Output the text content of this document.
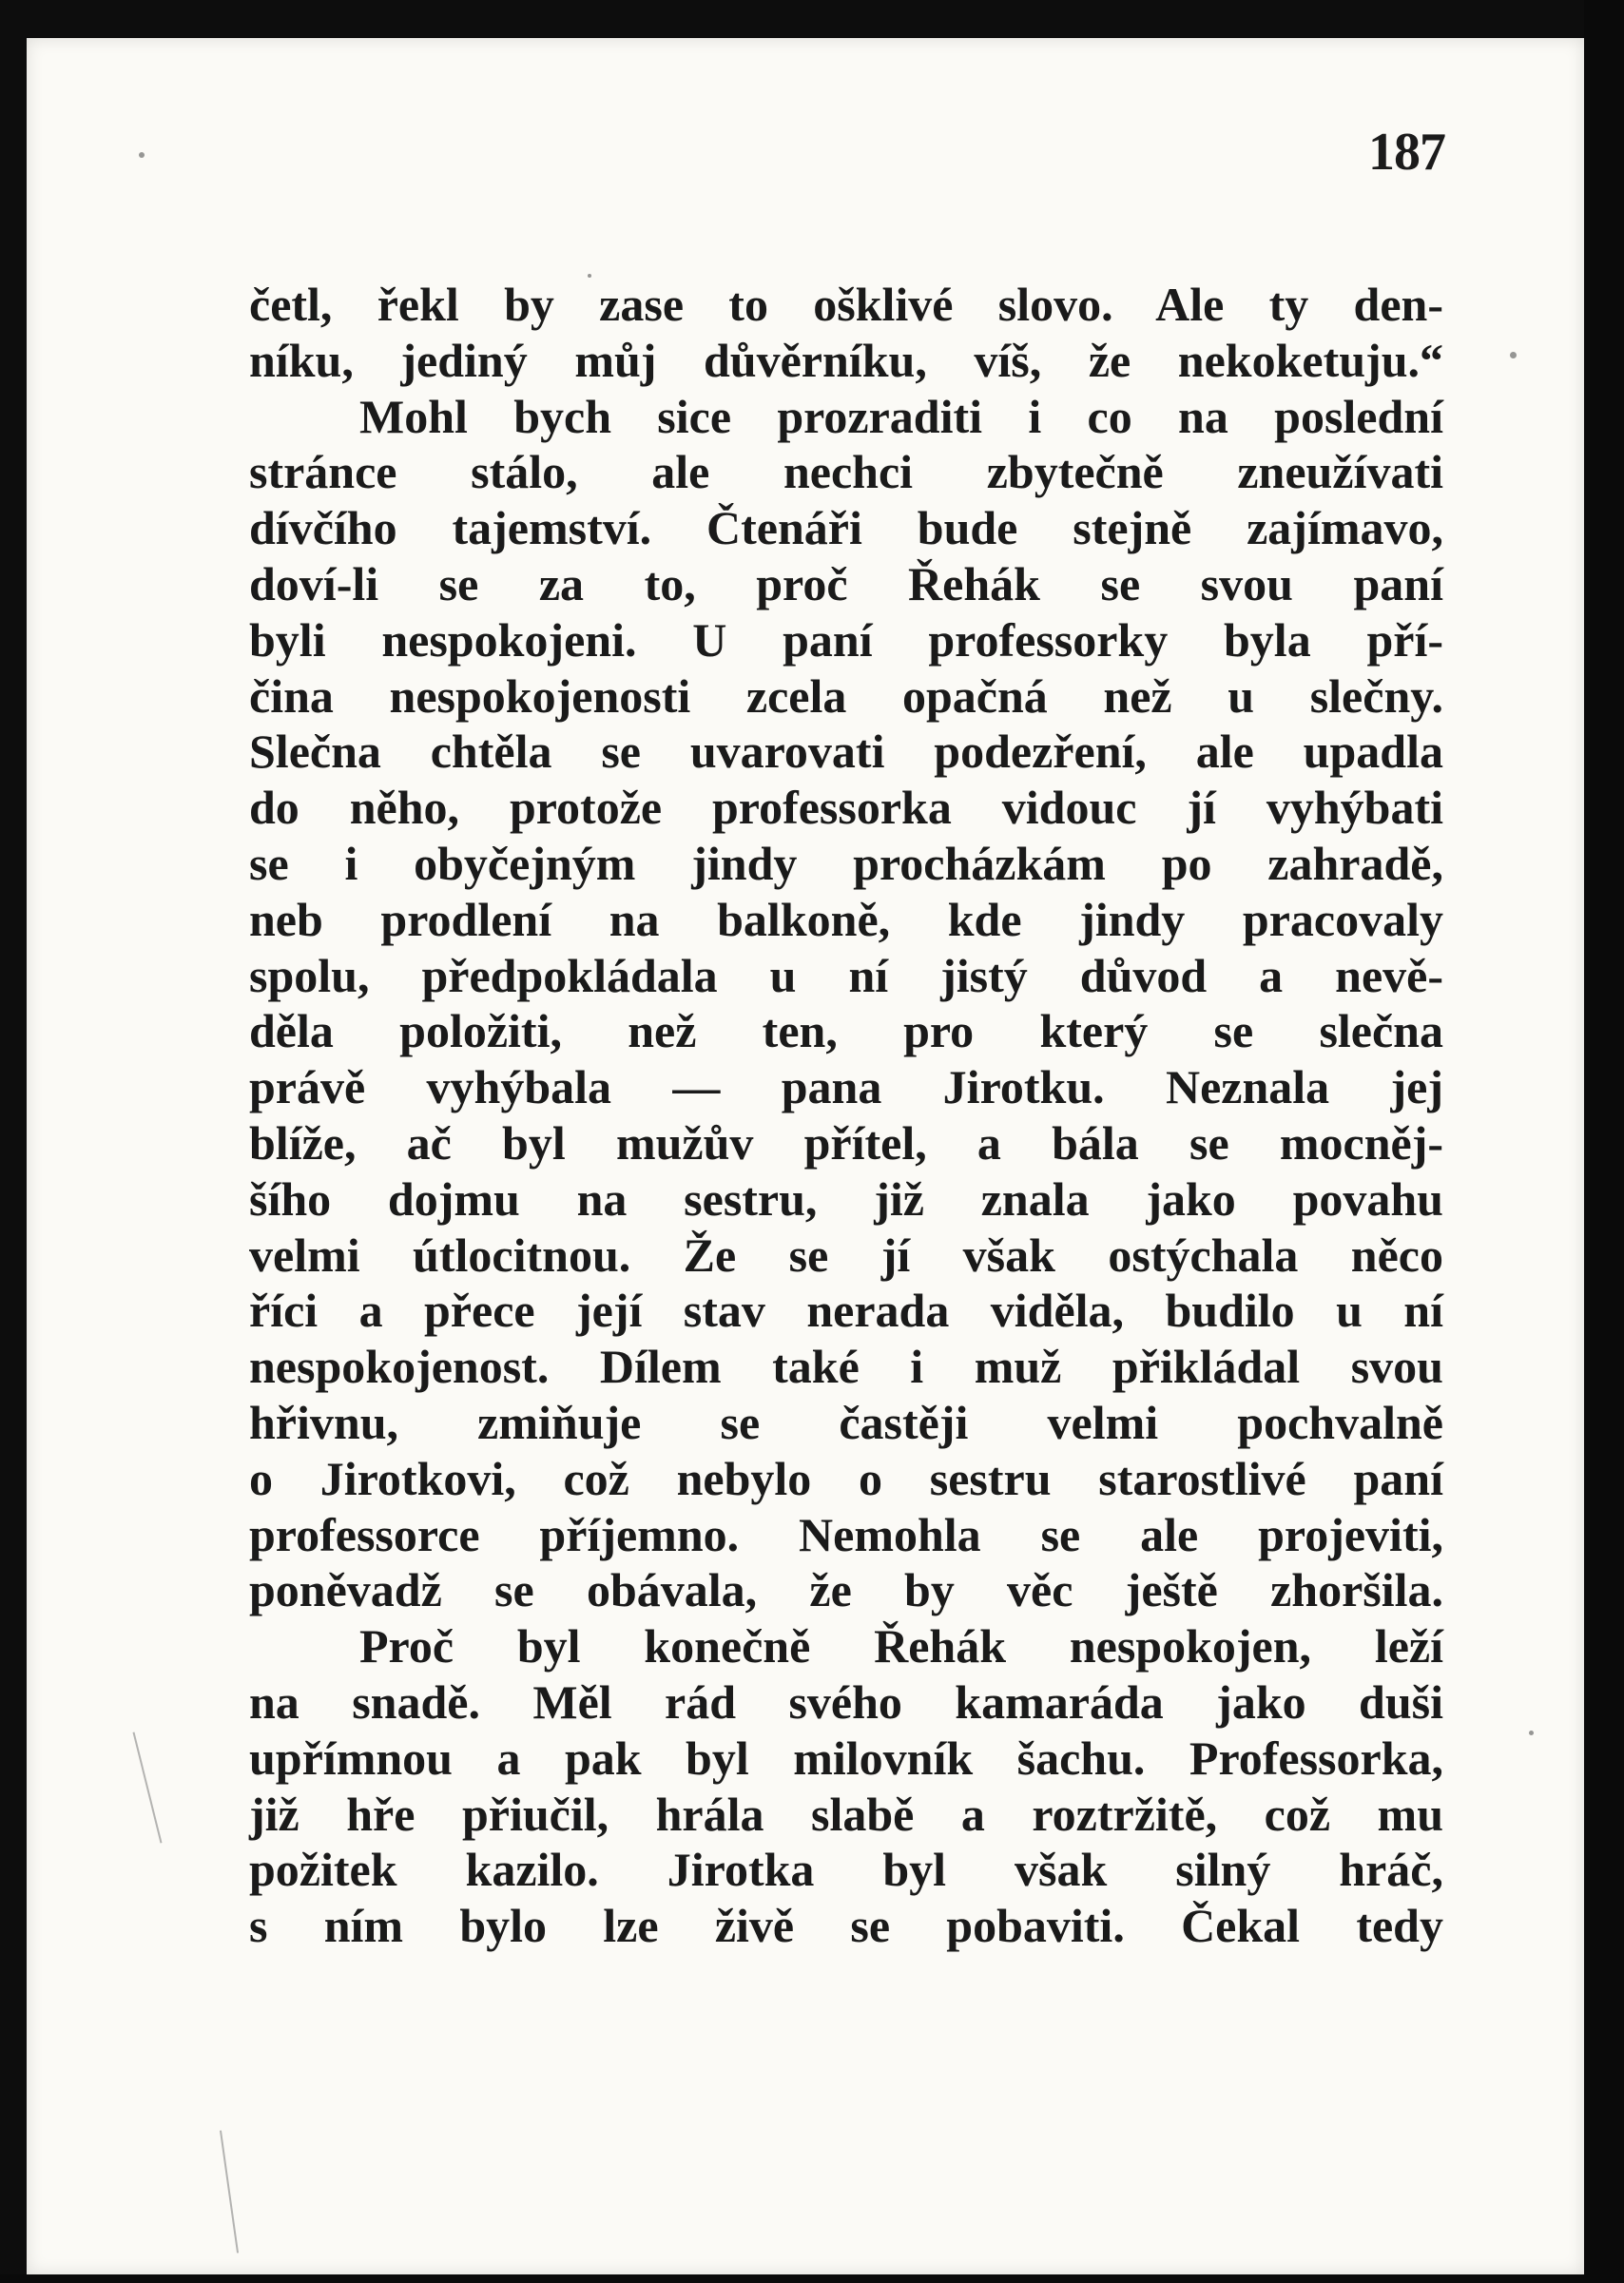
187
četl, řekl by zase to ošklivé slovo. Ale ty den-
níku, jediný můj důvěrníku, víš, že nekoketuju.“
Mohl bych sice prozraditi i co na poslední
stránce stálo, ale nechci zbytečně zneužívati
dívčího tajemství. Čtenáři bude stejně zajímavo,
doví-li se za to, proč Řehák se svou paní
byli nespokojeni. U paní professorky byla pří-
čina nespokojenosti zcela opačná než u slečny.
Slečna chtěla se uvarovati podezření, ale upadla
do něho, protože professorka vidouc jí vyhýbati
se i obyčejným jindy procházkám po zahradě,
neb prodlení na balkoně, kde jindy pracovaly
spolu, předpokládala u ní jistý důvod a nevě-
děla položiti, než ten, pro který se slečna
právě vyhýbala — pana Jirotku. Neznala jej
blíže, ač byl mužův přítel, a bála se mocněj-
šího dojmu na sestru, již znala jako povahu
velmi útlocitnou. Že se jí však ostýchala něco
říci a přece její stav nerada viděla, budilo u ní
nespokojenost. Dílem také i muž přikládal svou
hřivnu, zmiňuje se častěji velmi pochvalně
o Jirotkovi, což nebylo o sestru starostlivé paní
professorce příjemno. Nemohla se ale projeviti,
poněvadž se obávala, že by věc ještě zhoršila.
Proč byl konečně Řehák nespokojen, leží
na snadě. Měl rád svého kamaráda jako duši
upřímnou a pak byl milovník šachu. Professorka,
již hře přiučil, hrála slabě a roztržitě, což mu
požitek kazilo. Jirotka byl však silný hráč,
s ním bylo lze živě se pobaviti. Čekal tedy
